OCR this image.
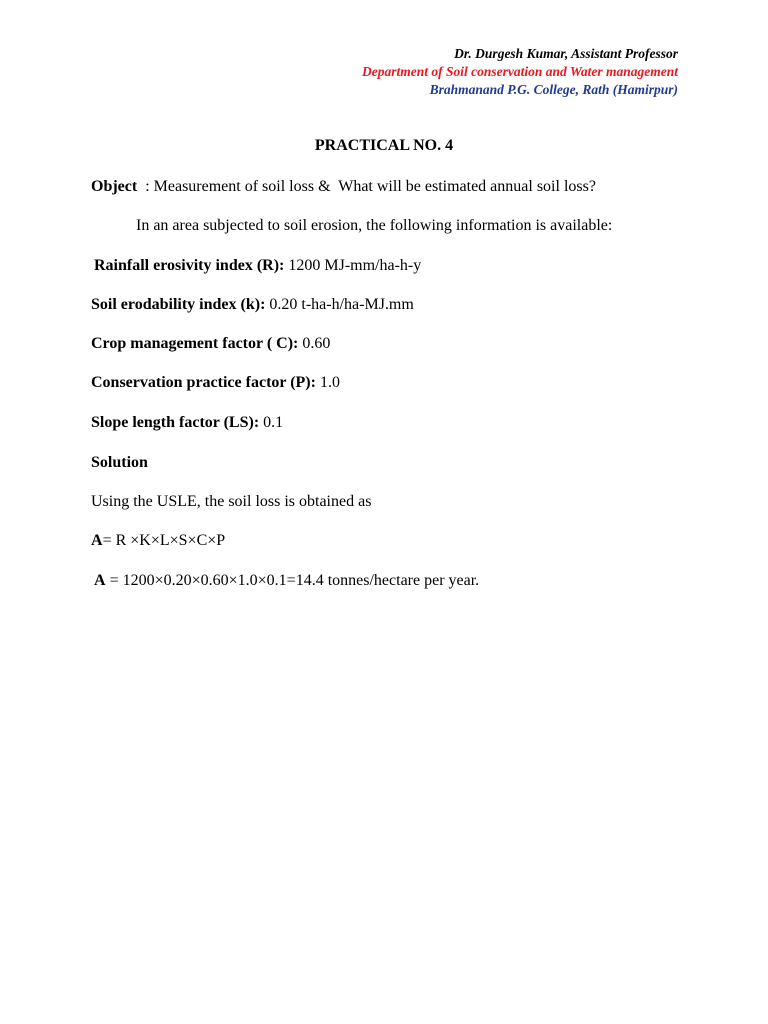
Dr. Durgesh Kumar, Assistant Professor
Department of Soil conservation and Water management
Brahmanand P.G. College, Rath (Hamirpur)
PRACTICAL NO. 4
Object  : Measurement of soil loss &  What will be estimated annual soil loss?
In an area subjected to soil erosion, the following information is available:
Rainfall erosivity index (R): 1200 MJ-mm/ha-h-y
Soil erodability index (k): 0.20 t-ha-h/ha-MJ.mm
Crop management factor ( C): 0.60
Conservation practice factor (P): 1.0
Slope length factor (LS): 0.1
Solution
Using the USLE, the soil loss is obtained as
A= R ×K×L×S×C×P
A = 1200×0.20×0.60×1.0×0.1=14.4 tonnes/hectare per year.
